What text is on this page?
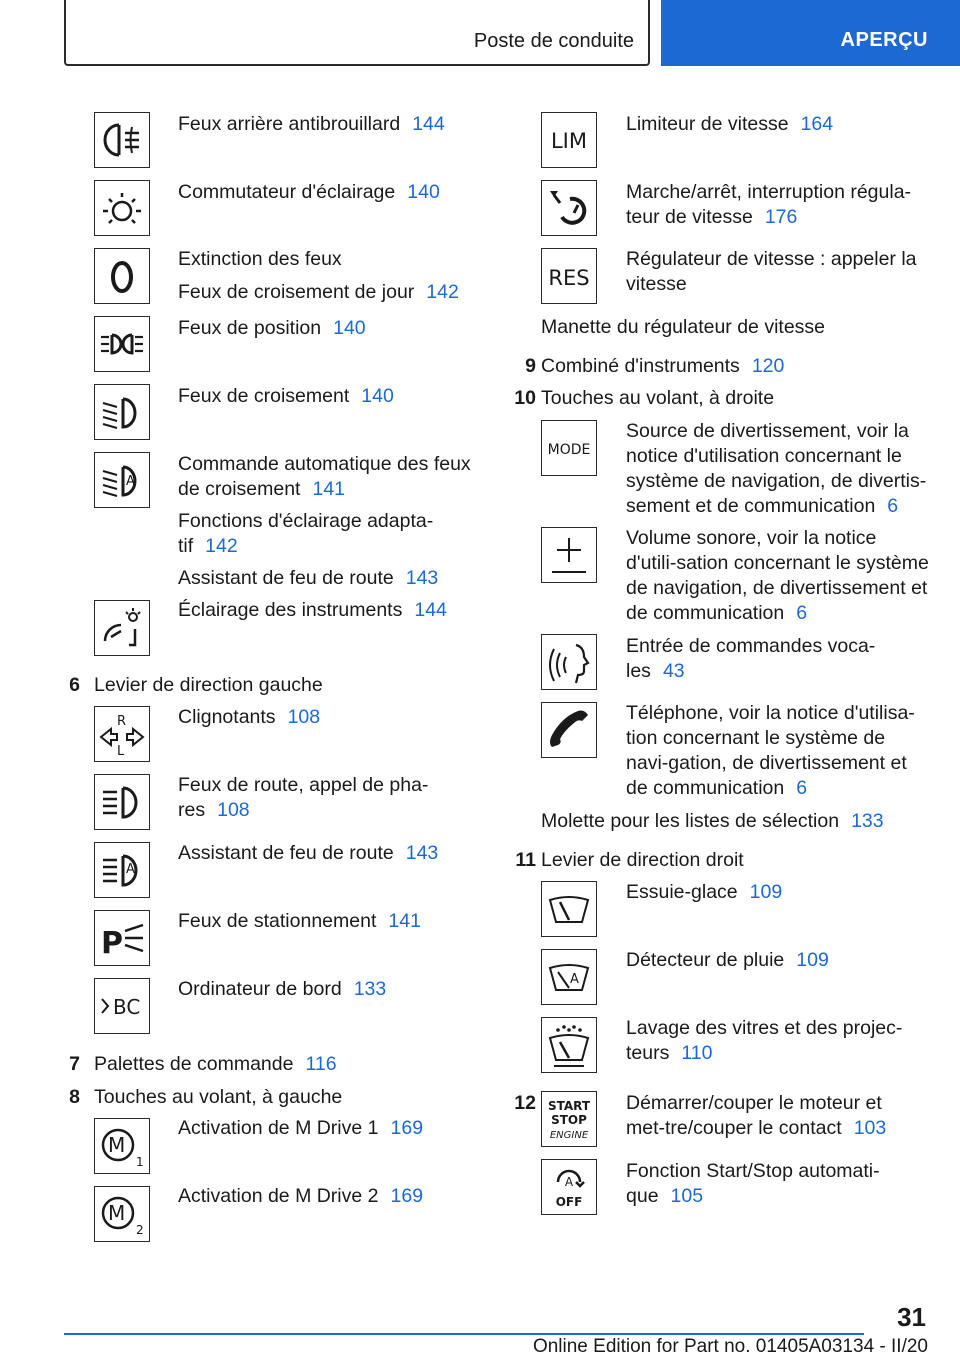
Poste de conduite	APERÇU
Feux arrière antibrouillard 144
Commutateur d'éclairage 140
Extinction des feux
Feux de croisement de jour 142
Feux de position 140
Feux de croisement 140
A
Commande automatique des feux de croisement 141
Fonctions d'éclairage adapta-tif 142
Assistant de feu de route 143
Éclairage des instruments 144
6 Levier de direction gauche
R
L
Clignotants 108
Feux de route, appel de pha-res 108
A
Assistant de feu de route 143
P
Feux de stationnement 141
BC
Ordinateur de bord 133
7 Palettes de commande 116
8 Touches au volant, à gauche
M
1
Activation de M Drive 1 169
M
2
Activation de M Drive 2 169
LIM
Limiteur de vitesse 164
Marche/arrêt, interruption régula-teur de vitesse 176
RES
Régulateur de vitesse : appeler la vitesse
Manette du régulateur de vitesse
9 Combiné d'instruments 120
10 Touches au volant, à droite
MODE
Source de divertissement, voir la notice d'utilisation concernant le système de navigation, de divertis-sement et de communication 6
Volume sonore, voir la notice d'utili-sation concernant le système de navigation, de divertissement et de communication 6
Entrée de commandes voca-les 43
Téléphone, voir la notice d'utilisa-tion concernant le système de navi-gation, de divertissement et de communication 6
Molette pour les listes de sélection 133
11 Levier de direction droit
Essuie-glace 109
A
Détecteur de pluie 109
Lavage des vitres et des projec-teurs 110
12 START
STOP
ENGINE
Démarrer/couper le moteur et met-tre/couper le contact 103
A
OFF
Fonction Start/Stop automati-que 105
31
Online Edition for Part no. 01405A03134 - II/20
